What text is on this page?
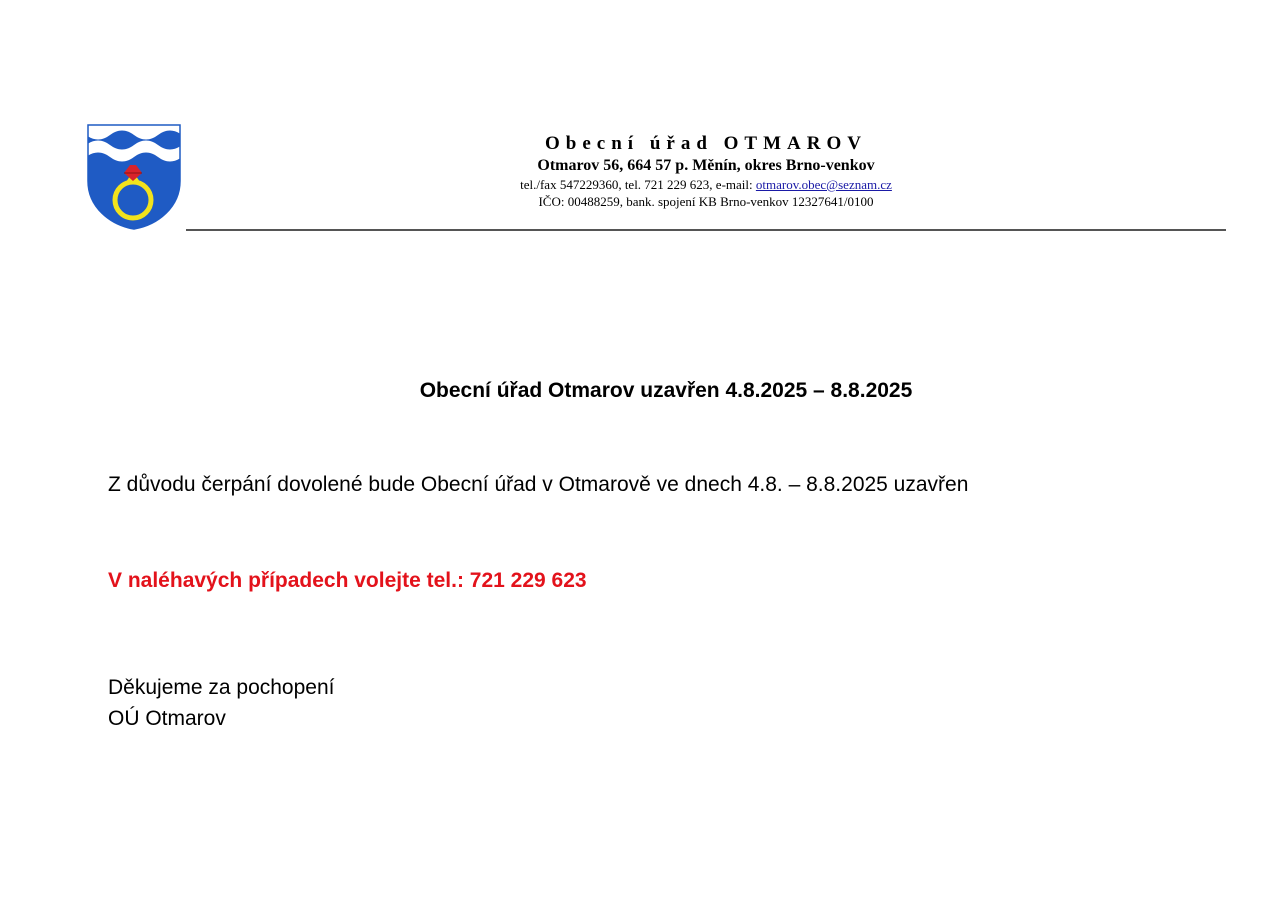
Obecní úřad OTMAROV
Otmarov 56, 664 57 p. Měnín, okres Brno-venkov
tel./fax 547229360, tel. 721 229 623, e-mail: otmarov.obec@seznam.cz
IČO: 00488259, bank. spojení KB Brno-venkov 12327641/0100
Obecní úřad Otmarov uzavřen 4.8.2025 – 8.8.2025
Z důvodu čerpání dovolené bude Obecní úřad v Otmarově ve dnech 4.8. – 8.8.2025 uzavřen
V naléhavých případech volejte tel.: 721 229 623
Děkujeme za pochopení
OÚ Otmarov
